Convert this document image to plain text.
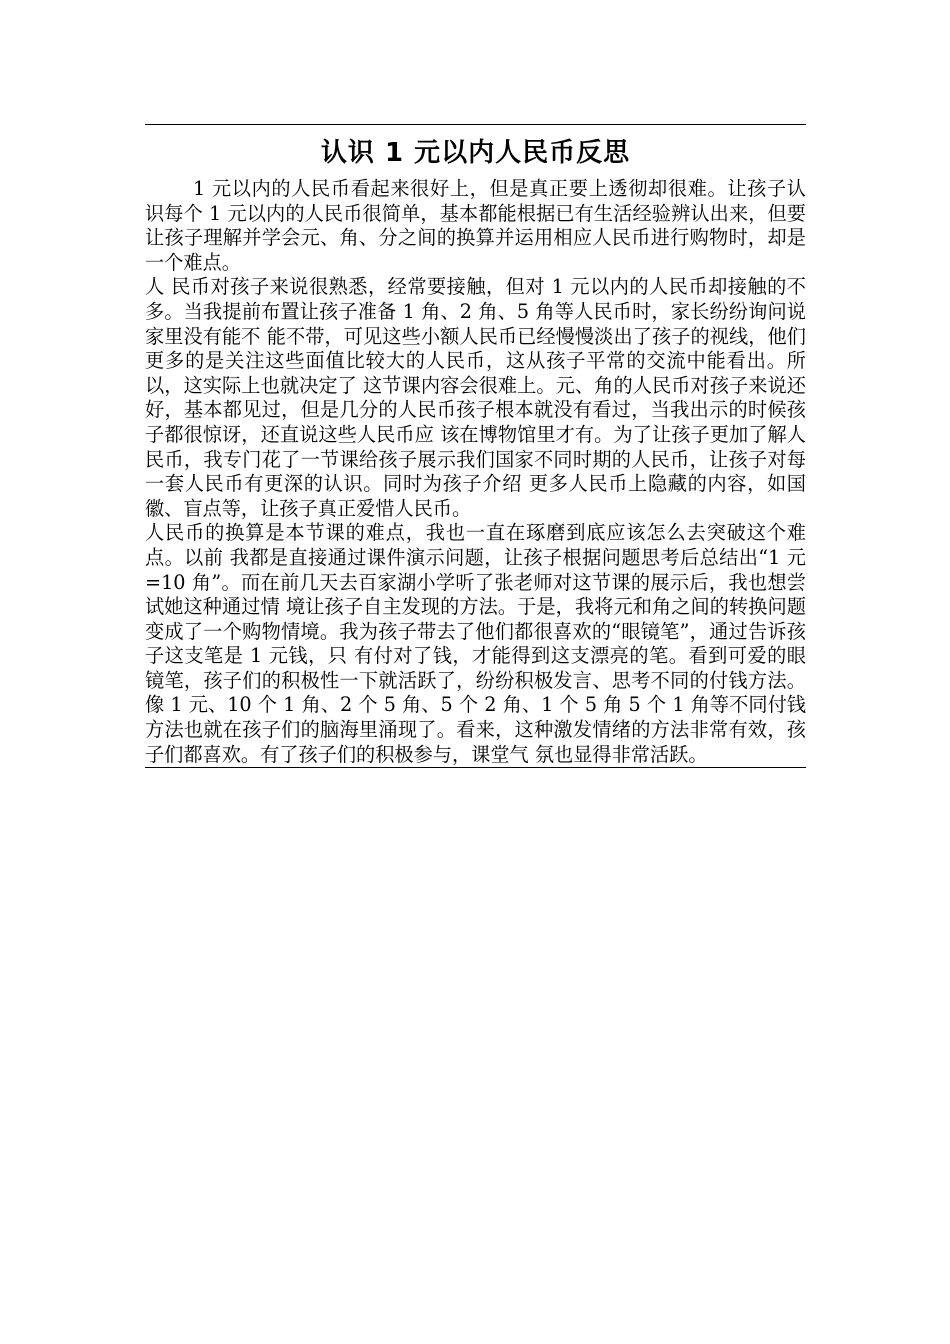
认识 1 元以内人民币反思

1 元以内的人民币看起来很好上，但是真正要上透彻却很难。让孩子认识每个 1 元以内的人民币很简单，基本都能根据已有生活经验辨认出来，但要让孩子理解并学会元、角、分之间的换算并运用相应人民币进行购物时，却是一个难点。

人 民币对孩子来说很熟悉，经常要接触，但对 1 元以内的人民币却接触的不多。当我提前布置让孩子准备 1 角、2 角、5 角等人民币时，家长纷纷询问说家里没有能不 能不带，可见这些小额人民币已经慢慢淡出了孩子的视线，他们更多的是关注这些面值比较大的人民币，这从孩子平常的交流中能看出。所以，这实际上也就决定了 这节课内容会很难上。元、角的人民币对孩子来说还好，基本都见过，但是几分的人民币孩子根本就没有看过，当我出示的时候孩子都很惊讶，还直说这些人民币应 该在博物馆里才有。为了让孩子更加了解人民币，我专门花了一节课给孩子展示我们国家不同时期的人民币，让孩子对每一套人民币有更深的认识。同时为孩子介绍 更多人民币上隐藏的内容，如国徽、盲点等，让孩子真正爱惜人民币。

人民币的换算是本节课的难点，我也一直在琢磨到底应该怎么去突破这个难点。以前 我都是直接通过课件演示问题，让孩子根据问题思考后总结出“1 元=10 角”。而在前几天去百家湖小学听了张老师对这节课的展示后，我也想尝试她这种通过情 境让孩子自主发现的方法。于是，我将元和角之间的转换问题变成了一个购物情境。我为孩子带去了他们都很喜欢的“眼镜笔”，通过告诉孩子这支笔是 1 元钱，只 有付对了钱，才能得到这支漂亮的笔。看到可爱的眼镜笔，孩子们的积极性一下就活跃了，纷纷积极发言、思考不同的付钱方法。像 1 元、10 个 1 角、2 个 5 角、5 个 2 角、1 个 5 角 5 个 1 角等不同付钱方法也就在孩子们的脑海里涌现了。看来，这种激发情绪的方法非常有效，孩子们都喜欢。有了孩子们的积极参与，课堂气 氛也显得非常活跃。
